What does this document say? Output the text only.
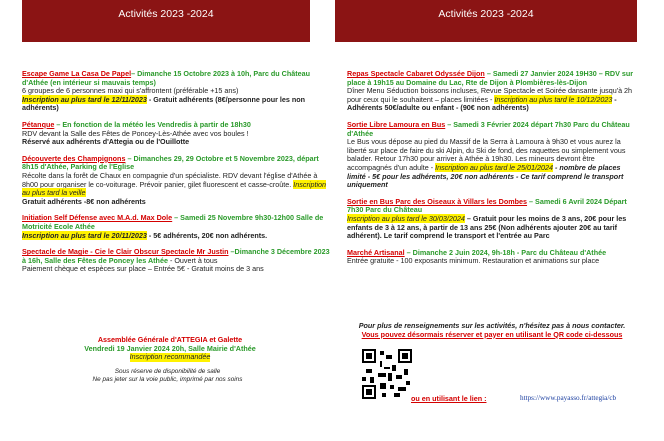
Activités 2023 -2024	Activités 2023 -2024
Escape Game La Casa De Papel– Dimanche 15 Octobre 2023 à 10h, Parc du Château d'Athée (en intérieur si mauvais temps)
6 groupes de 6 personnes maxi qui s'affrontent (préférable +15 ans)
Inscription au plus tard le 12/11/2023 - Gratuit adhérents (8€/personne pour les non adhérents)
Pétanque – En fonction de la météo les Vendredis à partir de 18h30
RDV devant la Salle des Fêtes de Poncey-Lès-Athée avec vos boules !
Réservé aux adhérents d'Attegia ou de l'Ouillotte
Découverte des Champignons – Dimanches 29, 29 Octobre et 5 Novembre 2023, départ 8h15 d'Athée, Parking de l'Eglise
Récolte dans la forêt de Chaux en compagnie d'un spécialiste. RDV devant l'église d'Athée à 8h00 pour organiser le co-voiturage. Prévoir panier, gilet fluorescent et casse-croûte. Inscription au plus tard la veille
Gratuit adhérents -8€ non adhérents
Initiation Self Défense avec M.A.d. Max Dole – Samedi 25 Novembre 9h30-12h00 Salle de Motricité Ecole Athée
Inscription au plus tard le 20/11/2023 - 5€ adhérents, 20€ non adhérents.
Spectacle de Magie - Cie le Clair Obscur Spectacle Mr Justin –Dimanche 3 Décembre 2023 à 16h, Salle des Fêtes de Poncey les Athée - Ouvert à tous
Paiement chèque et espèces sur place – Entrée 5€ - Gratuit moins de 3 ans
Assemblée Générale d'ATTEGIA et Galette
Vendredi 19 Janvier 2024 20h, Salle Mairie d'Athée
Inscription recommandée
Sous réserve de disponibilité de salle
Ne pas jeter sur la voie public, imprimé par nos soins
Repas Spectacle Cabaret Odyssée Dijon – Samedi 27 Janvier 2024 19H30 – RDV sur place à 19h15 au Domaine du Lac, Rte de Dijon à Plombières-lès-Dijon
Dîner Menu Séduction boissons incluses, Revue Spectacle et Soirée dansante jusqu'à 2h pour ceux qui le souhaitent – places limitées - Inscription au plus tard le 10/12/2023 - Adhérents 50€/adulte ou enfant - (90€ non adhérents)
Sortie Libre Lamoura en Bus – Samedi 3 Février 2024 départ 7h30 Parc du Château d'Athée
Le Bus vous dépose au pied du Massif de la Serra à Lamoura à 9h30 et vous aurez la liberté sur place de faire du ski Alpin, du Ski de fond, des raquettes ou simplement vous balader. Retour 17h30 pour arriver à Athée à 19h30. Les mineurs devront être accompagnés d'un adulte - Inscription au plus tard le 25/01/2024 - nombre de places limité - 5€ pour les adhérents, 20€ non adhérents - Ce tarif comprend le transport uniquement
Sortie en Bus Parc des Oiseaux à Villars les Dombes – Samedi 6 Avril 2024 Départ 7h30 Parc du Château
Inscription au plus tard le 30/03/2024 – Gratuit pour les moins de 3 ans, 20€ pour les enfants de 3 à 12 ans, à partir de 13 ans 25€ (Non adhérents ajouter 20€ au tarif adhérent). Le tarif comprend le transport et l'entrée au Parc
Marché Artisanal – Dimanche 2 Juin 2024, 9h-18h - Parc du Château d'Athée
Entrée gratuite - 100 exposants minimum. Restauration et animations sur place
Pour plus de renseignements sur les activités, n'hésitez pas à nous contacter.
Vous pouvez désormais réserver et payer en utilisant le QR code ci-dessous
ou en utilisant le lien :	https://www.payasso.fr/attegia/cb
